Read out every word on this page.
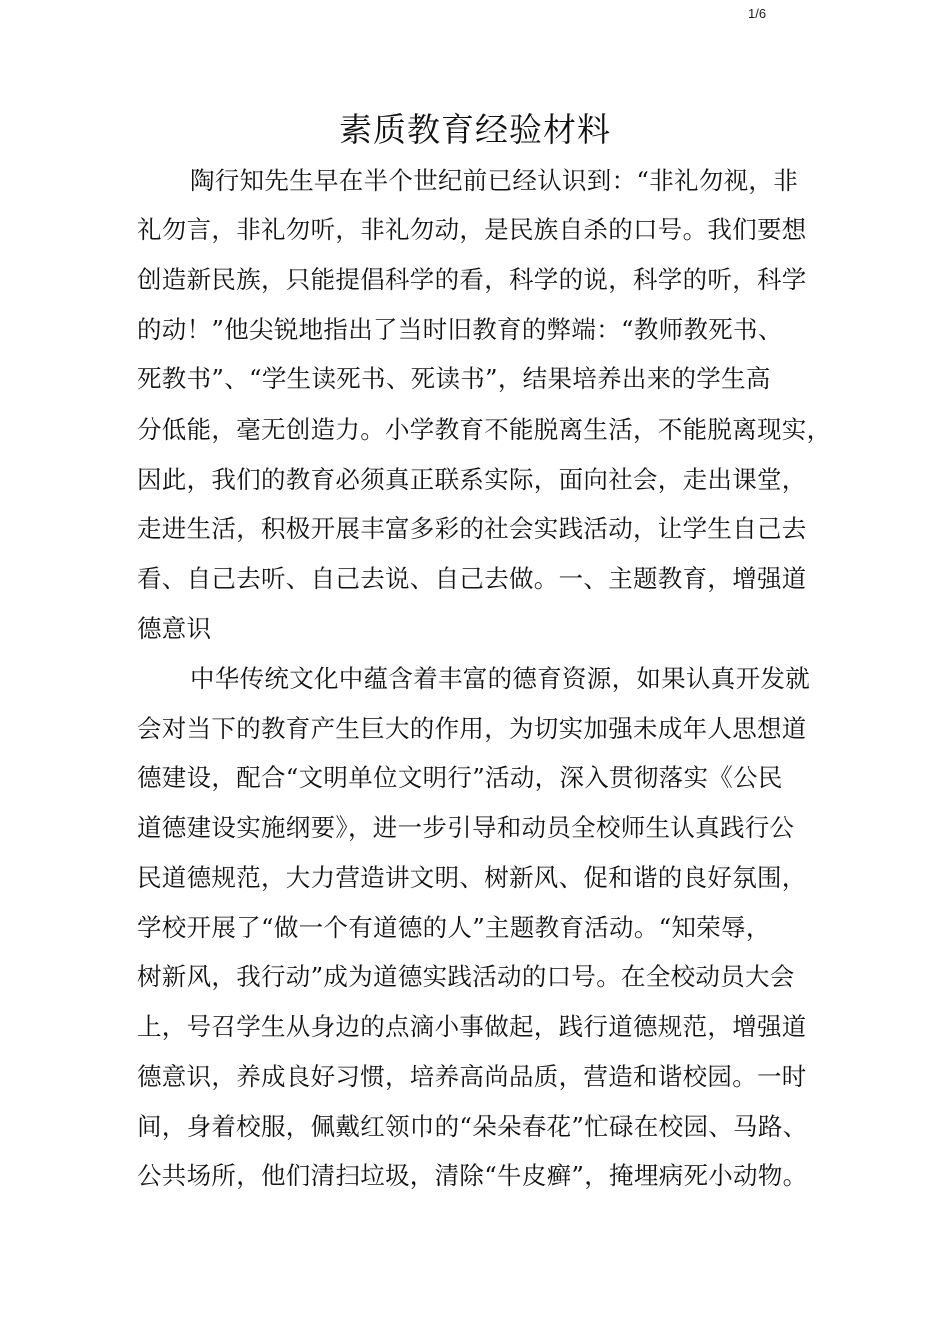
1/6
素质教育经验材料
陶行知先生早在半个世纪前已经认识到：“非礼勿视，非
礼勿言，非礼勿听，非礼勿动，是民族自杀的口号。我们要想
创造新民族，只能提倡科学的看，科学的说，科学的听，科学
的动！”他尖锐地指出了当时旧教育的弊端：“教师教死书、
死教书”、“学生读死书、死读书”，结果培养出来的学生高
分低能，毫无创造力。小学教育不能脱离生活，不能脱离现实，
因此，我们的教育必须真正联系实际，面向社会，走出课堂，
走进生活，积极开展丰富多彩的社会实践活动，让学生自己去
看、自己去听、自己去说、自己去做。一、主题教育，增强道
德意识
中华传统文化中蕴含着丰富的德育资源，如果认真开发就
会对当下的教育产生巨大的作用，为切实加强未成年人思想道
德建设，配合“文明单位文明行”活动，深入贯彻落实《公民
道德建设实施纲要》，进一步引导和动员全校师生认真践行公
民道德规范，大力营造讲文明、树新风、促和谐的良好氛围，
学校开展了“做一个有道德的人”主题教育活动。“知荣辱，
树新风，我行动”成为道德实践活动的口号。在全校动员大会
上，号召学生从身边的点滴小事做起，践行道德规范，增强道
德意识，养成良好习惯，培养高尚品质，营造和谐校园。一时
间，身着校服，佩戴红领巾的“朵朵春花”忙碌在校园、马路、
公共场所，他们清扫垃圾，清除“牛皮癣”，掩埋病死小动物。
